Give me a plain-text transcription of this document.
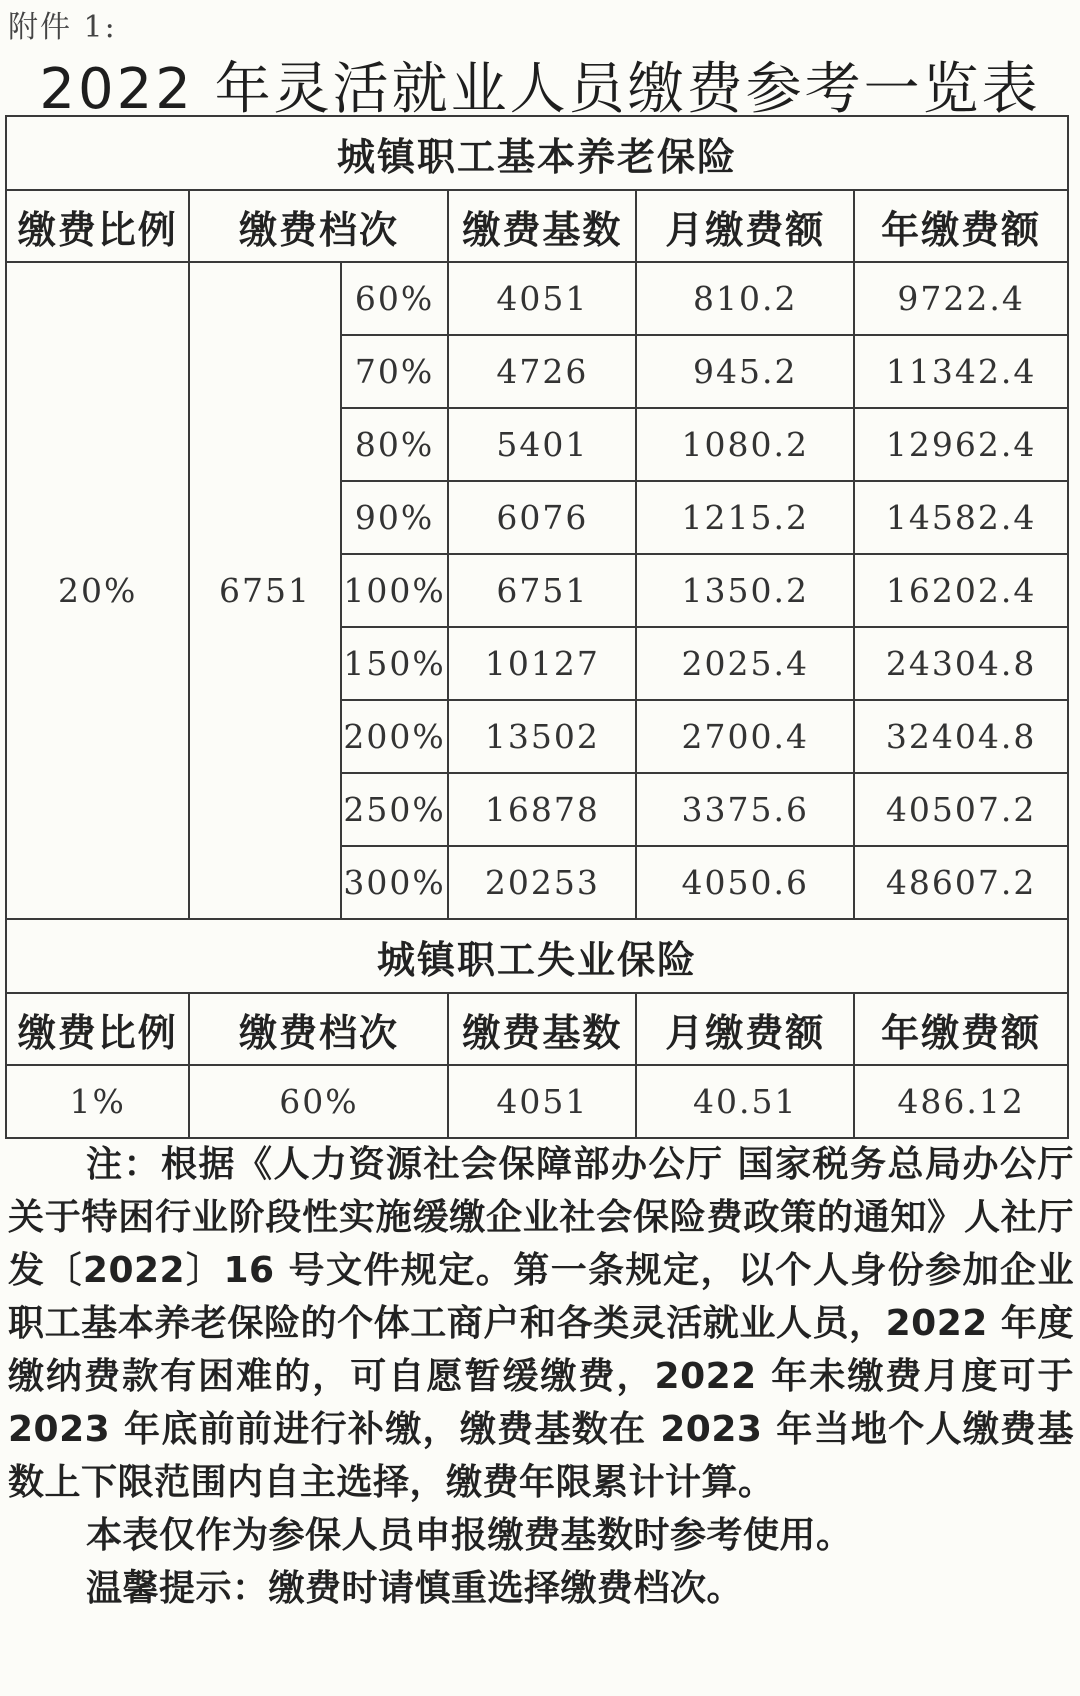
附件 1:
2022 年灵活就业人员缴费参考一览表
城镇职工基本养老保险					
缴费比例	缴费档次		缴费基数	月缴费额	年缴费额
20%	6751	60%	4051	810.2	9722.4
		70%	4726	945.2	11342.4
		80%	5401	1080.2	12962.4
		90%	6076	1215.2	14582.4
		100%	6751	1350.2	16202.4
		150%	10127	2025.4	24304.8
		200%	13502	2700.4	32404.8
		250%	16878	3375.6	40507.2
		300%	20253	4050.6	48607.2
城镇职工失业保险					
缴费比例	缴费档次		缴费基数	月缴费额	年缴费额
1%	60%		4051	40.51	486.12

注：根据《人力资源社会保障部办公厅 国家税务总局办公厅关于特困行业阶段性实施缓缴企业社会保险费政策的通知》人社厅发〔2022〕16 号文件规定。第一条规定，以个人身份参加企业职工基本养老保险的个体工商户和各类灵活就业人员，2022 年度缴纳费款有困难的，可自愿暂缓缴费，2022 年未缴费月度可于 2023 年底前前进行补缴，缴费基数在 2023 年当地个人缴费基数上下限范围内自主选择，缴费年限累计计算。

本表仅作为参保人员申报缴费基数时参考使用。

温馨提示：缴费时请慎重选择缴费档次。
